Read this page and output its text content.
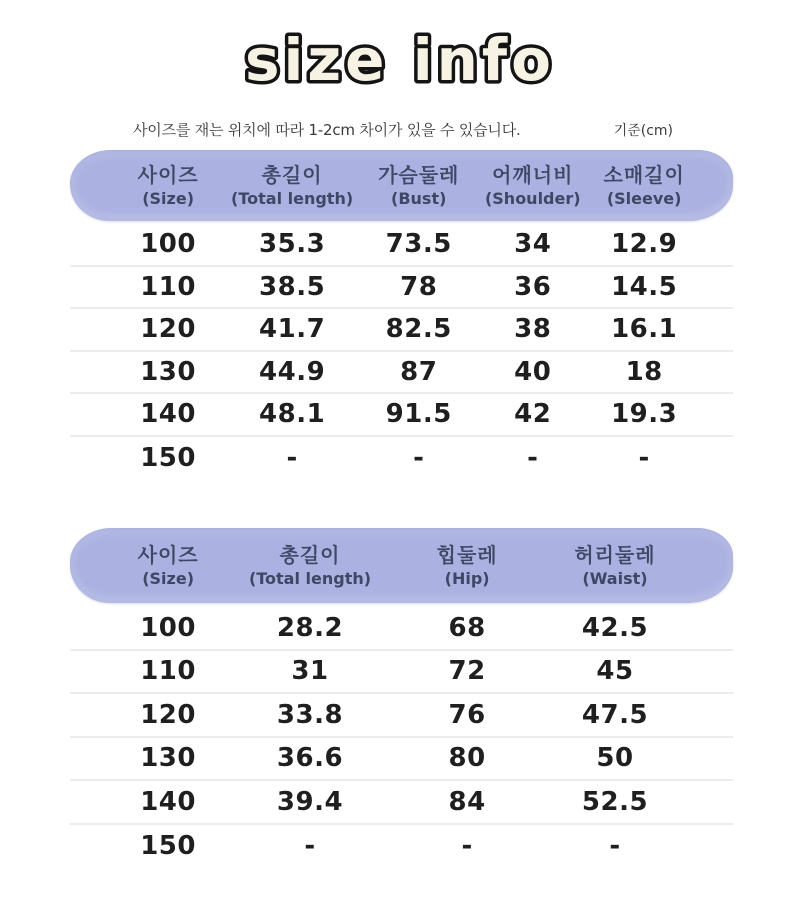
size info
사이즈를 재는 위치에 따라 1-2cm 차이가 있을 수 있습니다.	기준(cm)
사이즈
(Size)
총길이
(Total length)
가슴둘레
(Bust)
어깨너비
(Shoulder)
소매길이
(Sleeve)
100 35.3 73.5 34 12.9
110 38.5	78	36 14.5
120 41.7 82.5 38 16.1
130 44.9	87	40	18
140 48.1 91.5 42 19.3
150	-	-	-	-
사이즈
(Size)
총길이
(Total length)
힙둘레
(Hip)
허리둘레
(Waist)
100	28.2	68	42.5
110	31	72	45
120	33.8	76	47.5
130	36.6	80	50
140	39.4	84	52.5
150	-	-	-
